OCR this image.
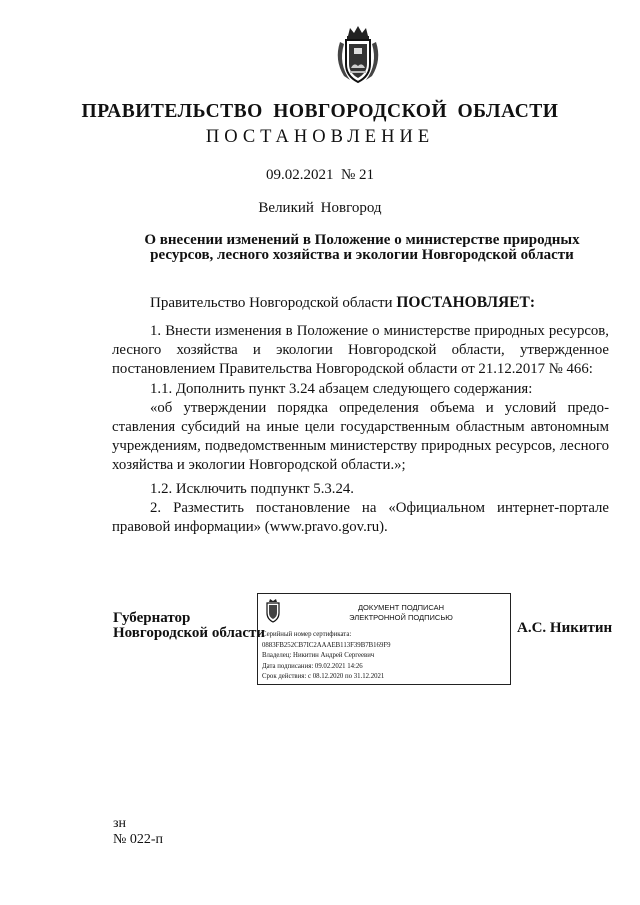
ПРАВИТЕЛЬСТВО НОВГОРОДСКОЙ ОБЛАСТИ
ПОСТАНОВЛЕНИЕ
09.02.2021 № 21
Великий Новгород
О внесении изменений в Положение о министерстве природных
ресурсов, лесного хозяйства и экологии Новгородской области
Правительство Новгородской области ПОСТАНОВЛЯЕТ:

1. Внести изменения в Положение о министерстве природных ресурсов, лесного хозяйства и экологии Новгородской области, утвержденное постановлением Правительства Новгородской области от 21.12.2017 № 466:

1.1. Дополнить пункт 3.24 абзацем следующего содержания:

«об утверждении порядка определения объема и условий предо-ставления субсидий на иные цели государственным областным автономным учреждениям, подведомственным министерству природных ресурсов, лесного хозяйства и экологии Новгородской области.»;

1.2. Исключить подпункт 5.3.24.

2. Разместить постановление на «Официальном интернет-портале правовой информации» (www.pravo.gov.ru).

Губернатор
Новгородской области
ДОКУМЕНТ ПОДПИСАН
ЭЛЕКТРОННОЙ ПОДПИСЬЮ
Серийный номер сертификата:
0883FB252CB7IC2AAAEB113F39B7B169F9
Владелец: Никитин Андрей Сергеевич
Дата подписания: 09.02.2021 14:26
Срок действия: с 08.12.2020 по 31.12.2021
А.С. Никитин
зн
№ 022-п
